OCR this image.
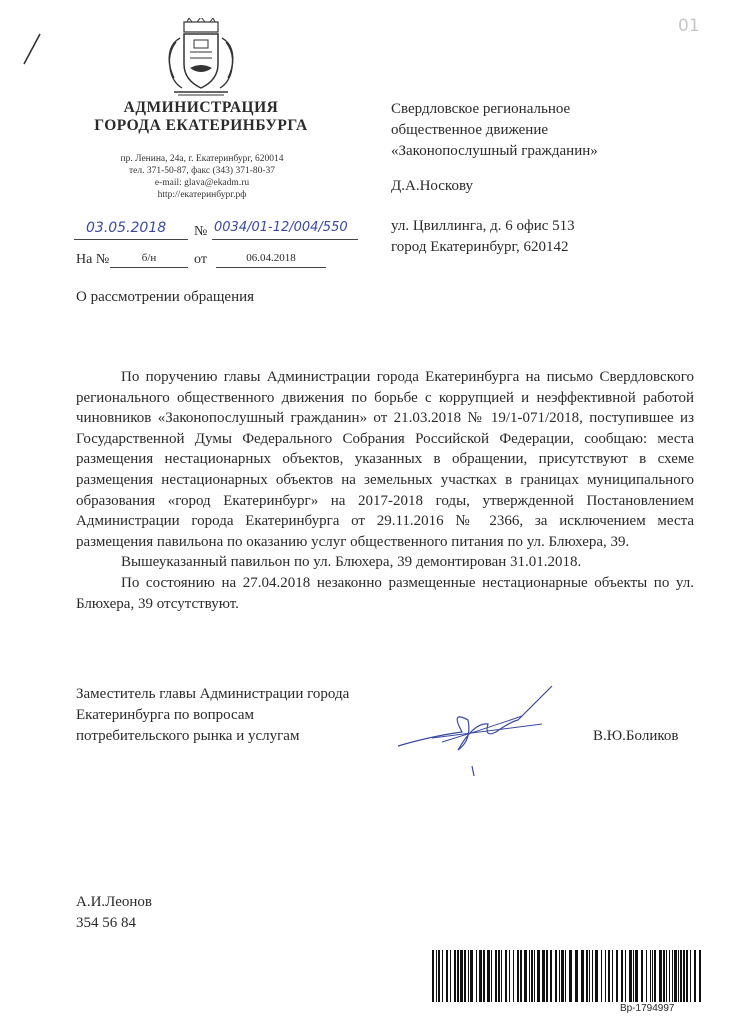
01
АДМИНИСТРАЦИЯ
ГОРОДА ЕКАТЕРИНБУРГА
пр. Ленина, 24а, г. Екатеринбург, 620014
тел. 371-50-87, факс (343) 371-80-37
e-mail: glava@ekadm.ru
http://екатеринбург.рф
03.05.2018 № 0034/01-12/004/550
На №	б/н	от	06.04.2018
Свердловское региональное
общественное движение
«Законопослушный гражданин»
Д.А.Носкову
ул. Цвиллинга, д. 6 офис 513
город Екатеринбург, 620142
О рассмотрении обращения

По поручению главы Администрации города Екатеринбурга на письмо Свердловского регионального общественного движения по борьбе с коррупцией и неэффективной работой чиновников «Законопослушный гражданин» от 21.03.2018 № 19/1-071/2018, поступившее из Государственной Думы Федерального Собрания Российской Федерации, сообщаю: места размещения нестационарных объектов, указанных в обращении, присутствуют в схеме размещения нестационарных объектов на земельных участках в границах муниципального образования «город Екатеринбург» на 2017-2018 годы, утвержденной Постановлением Администрации города Екатеринбурга от 29.11.2016 № 2366, за исключением места размещения павильона по оказанию услуг общественного питания по ул. Блюхера, 39.

Вышеуказанный павильон по ул. Блюхера, 39 демонтирован 31.01.2018.

По состоянию на 27.04.2018 незаконно размещенные нестационарные объекты по ул. Блюхера, 39 отсутствуют.

Заместитель главы Администрации города
Екатеринбурга по вопросам
потребительского рынка и услугам	В.Ю.Боликов
А.И.Леонов
354 56 84
Вр-1794997
